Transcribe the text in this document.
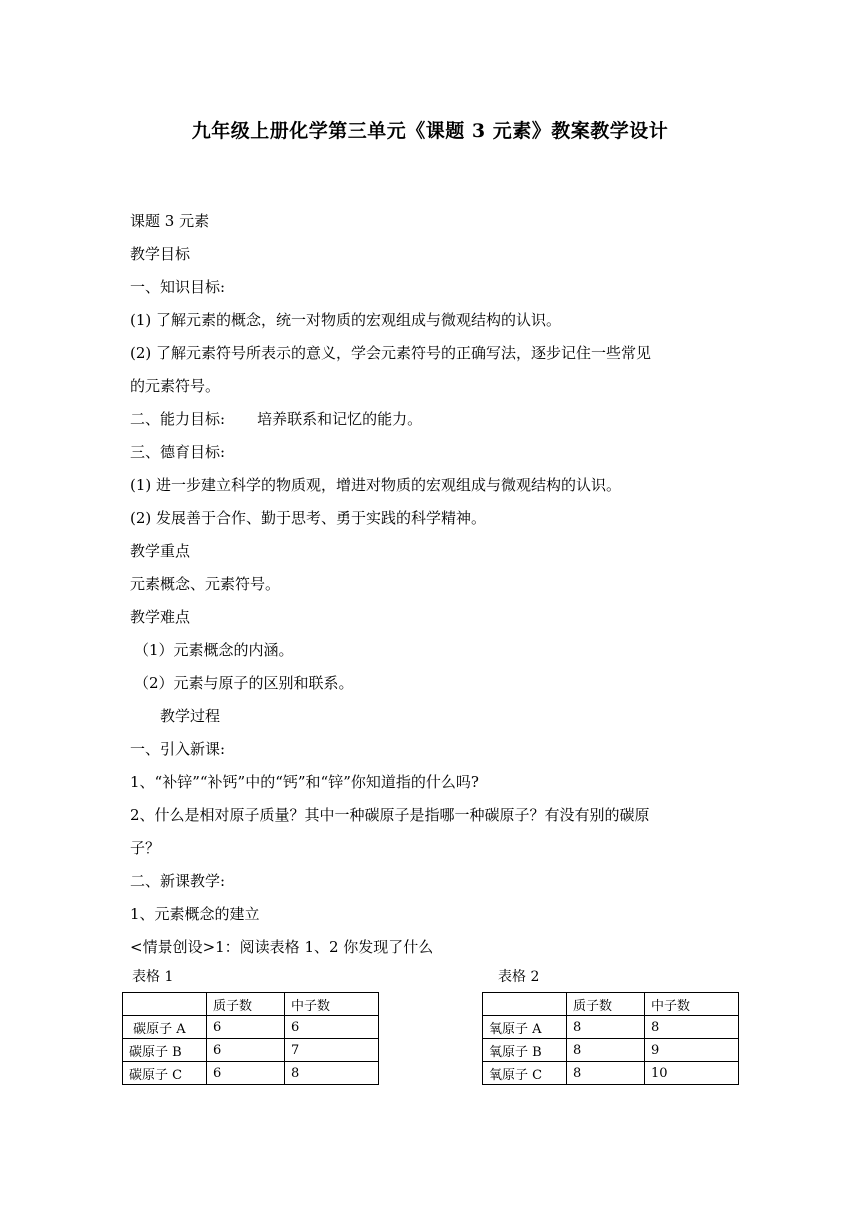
九年级上册化学第三单元《课题 3 元素》教案教学设计
课题 3 元素
教学目标
一、知识目标:
(1) 了解元素的概念，统一对物质的宏观组成与微观结构的认识。
(2) 了解元素符号所表示的意义，学会元素符号的正确写法，逐步记住一些常见
的元素符号。
二、能力目标: 培养联系和记忆的能力。
三、德育目标:
(1) 进一步建立科学的物质观，增进对物质的宏观组成与微观结构的认识。
(2) 发展善于合作、勤于思考、勇于实践的科学精神。
教学重点
元素概念、元素符号。
教学难点
（1）元素概念的内涵。
（2）元素与原子的区别和联系。
教学过程
一、引入新课:
1、“补锌”“补钙”中的“钙”和“锌”你知道指的什么吗?
2、什么是相对原子质量？其中一种碳原子是指哪一种碳原子？有没有别的碳原
子？
二、新课教学:
1、元素概念的建立
<情景创设>1：阅读表格 1、2 你发现了什么
表格 1
	质子数	中子数
碳原子 A	6	6
碳原子 B	6	7
碳原子 C	6	8
表格 2
	质子数	中子数
氧原子 A	8	8
氧原子 B	8	9
氧原子 C	8	10
